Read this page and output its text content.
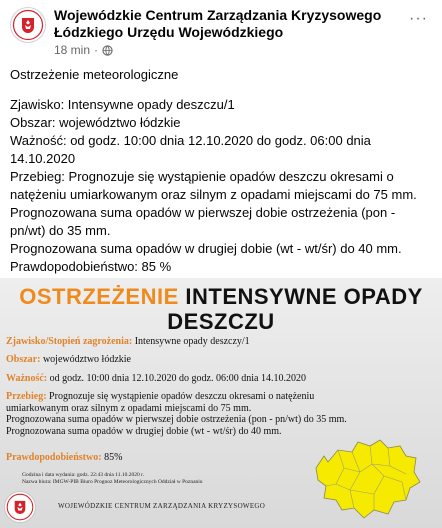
Wojewódzkie Centrum Zarządzania Kryzysowego Łódzkiego Urzędu Wojewódzkiego
18 min ·
···

Ostrzeżenie meteorologiczne

Zjawisko: Intensywne opady deszczu/1

Obszar: województwo łódzkie

Ważność: od godz. 10:00 dnia 12.10.2020 do godz. 06:00 dnia 14.10.2020

Przebieg: Prognozuje się wystąpienie opadów deszczu okresami o natężeniu umiarkowanym oraz silnym z opadami miejscami do 75 mm.

Prognozowana suma opadów w pierwszej dobie ostrzeżenia (pon - pn/wt) do 35 mm.

Prognozowana suma opadów w drugiej dobie (wt - wt/śr) do 40 mm.

Prawdopodobieństwo: 85 %

OSTRZEŻENIE INTENSYWNE OPADY
DESZCZU
Zjawisko/Stopień zagrożenia: Intensywne opady deszczy/1
Obszar: województwo łódzkie
Ważność: od godz. 10:00 dnia 12.10.2020 do godz. 06:00 dnia 14.10.2020
Przebieg: Prognozuje się wystąpienie opadów deszczu okresami o natężeniu
umiarkowanym oraz silnym z opadami miejscami do 75 mm.
Prognozowana suma opadów w pierwszej dobie ostrzeżenia (pon - pn/wt) do 35 mm.
Prognozowana suma opadów w drugiej dobie (wt - wt/śr) do 40 mm.
Prawdopodobieństwo: 85%
Godzina i data wydania: godz. 22:43 dnia 11.10.2020 r.
Nazwa biura: IMGW-PIB Biuro Prognoz Meteorologicznych Oddział w Poznaniu
WOJEWÓDZKIE CENTRUM ZARZĄDZANIA KRYZYSOWEGO
